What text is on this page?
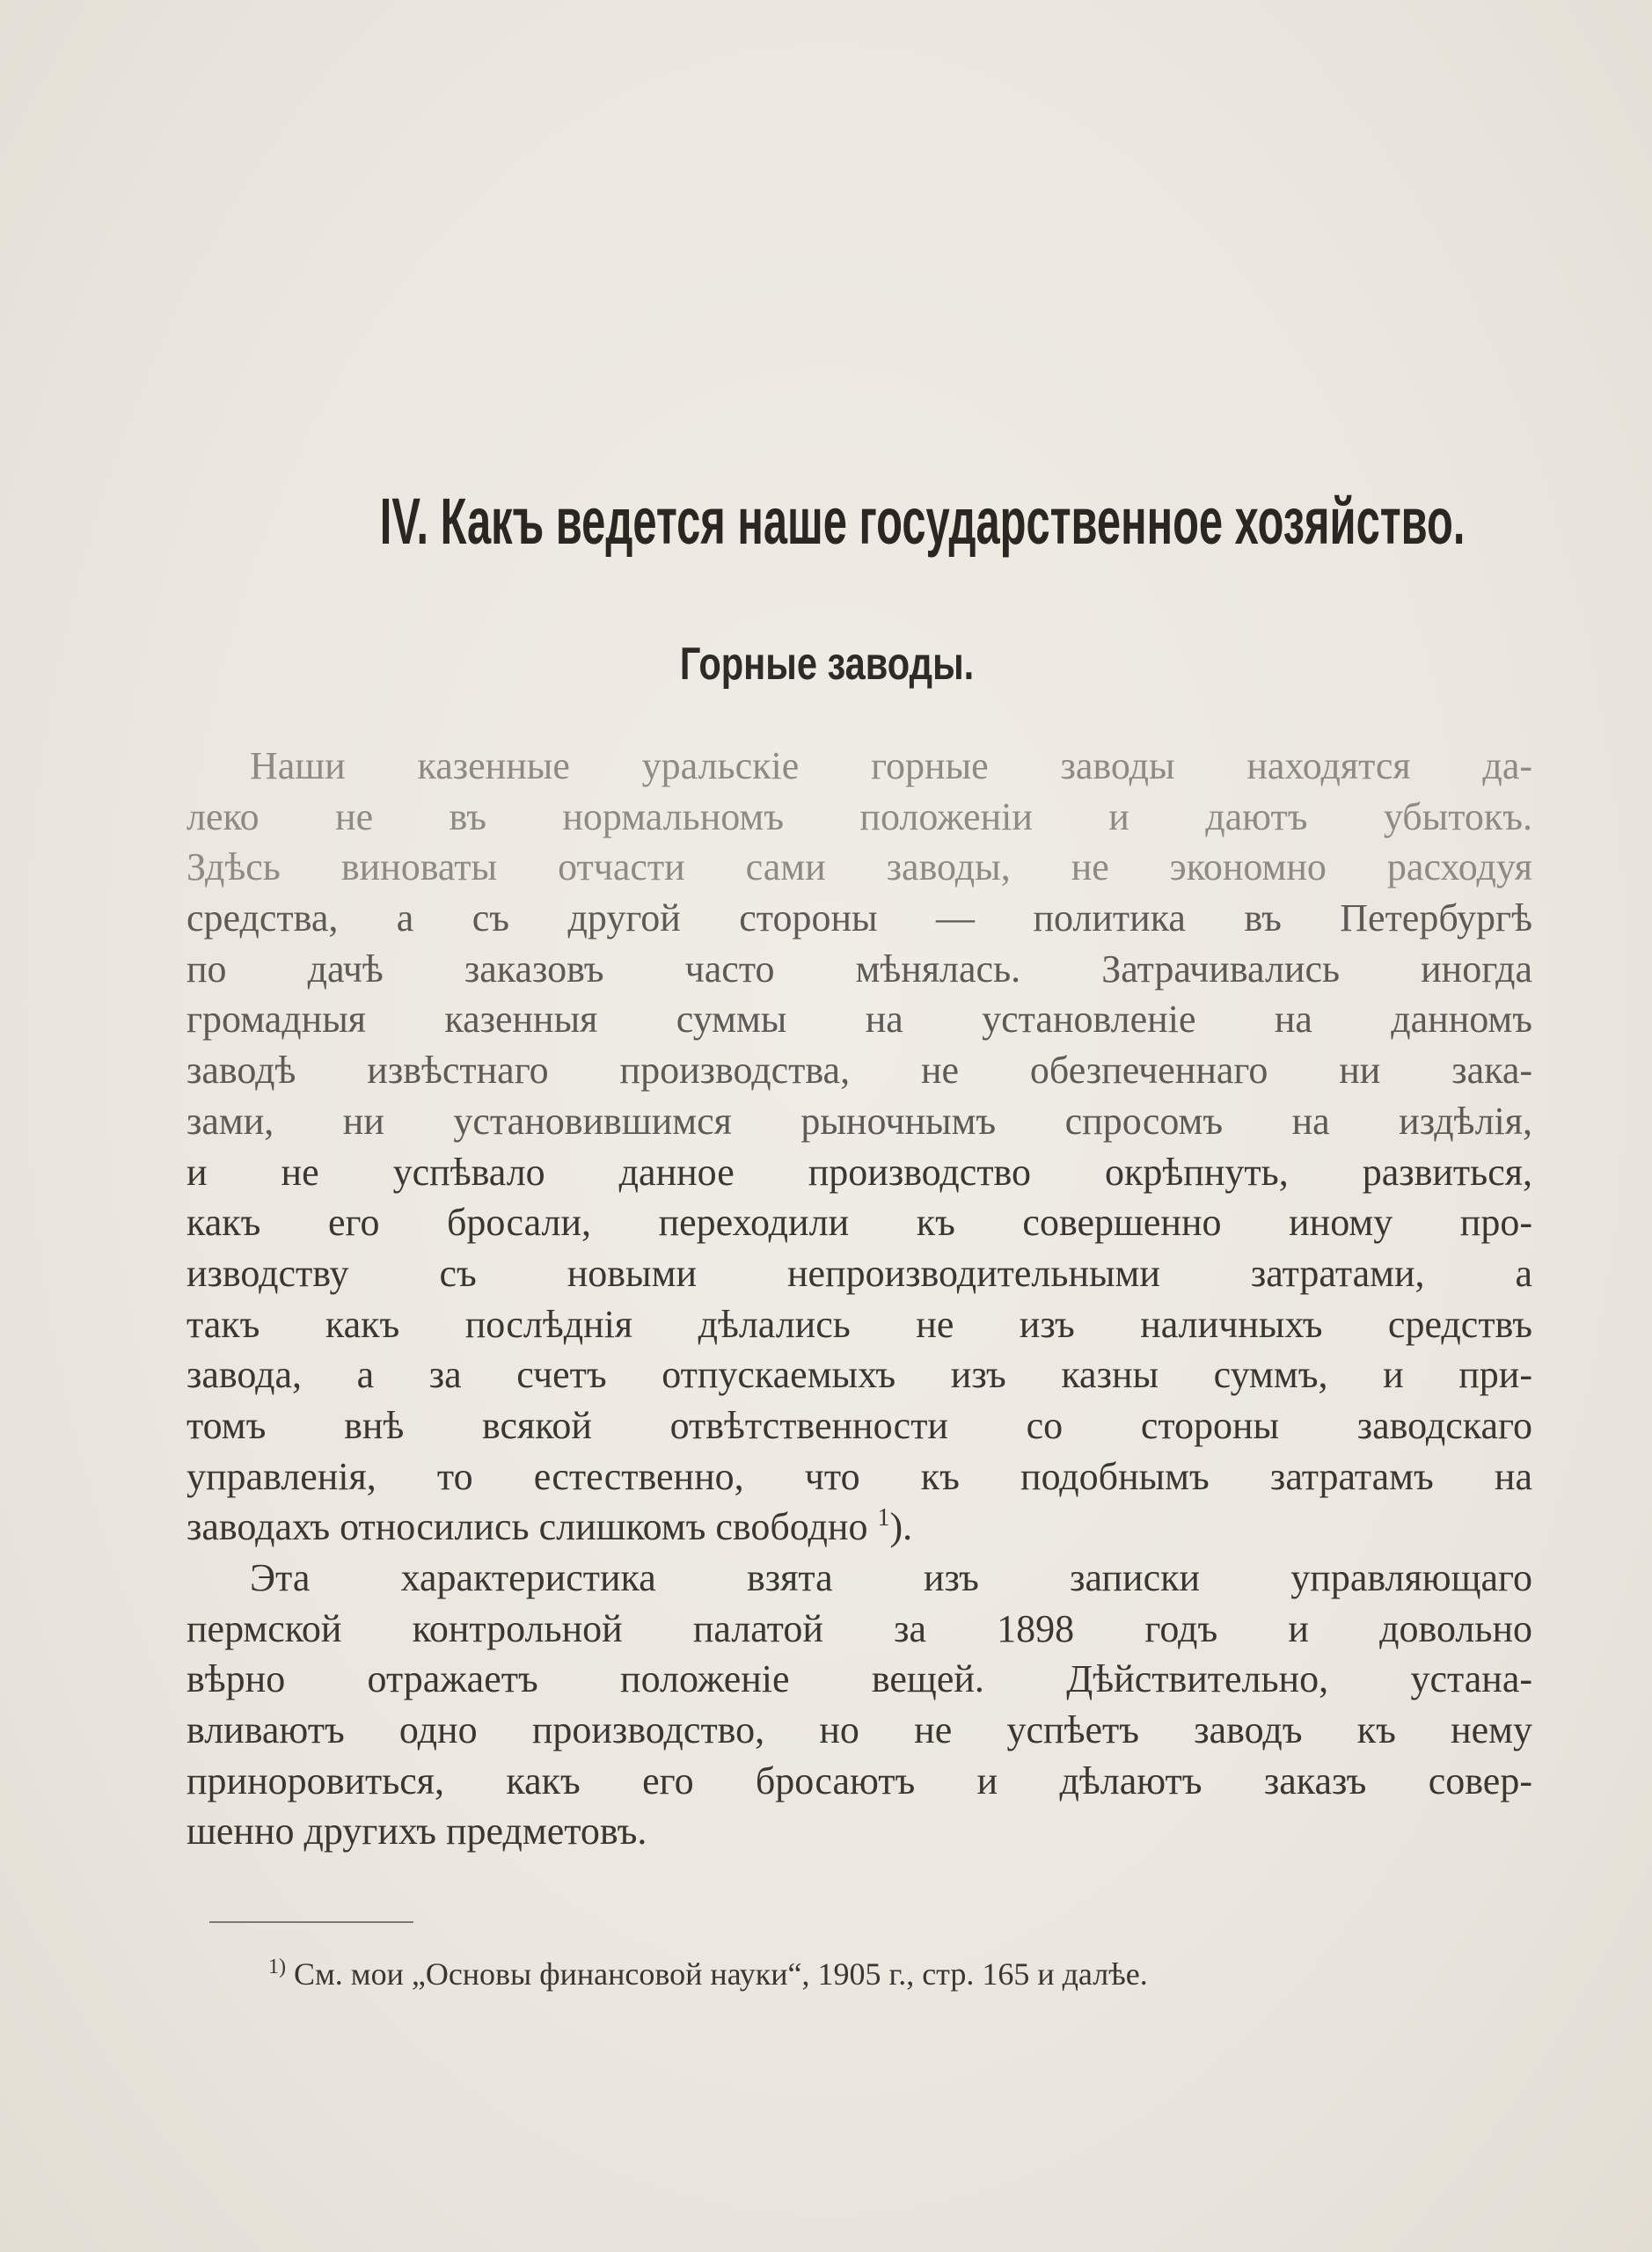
IV. Какъ ведется наше государственное хозяйство.
Горные заводы.
Наши казенные уральскіе горные заводы находятся да-
леко не въ нормальномъ положеніи и даютъ убытокъ.
Здѣсь виноваты отчасти сами заводы, не экономно расходуя
средства, а съ другой стороны — политика въ Петербургѣ
по дачѣ заказовъ часто мѣнялась. Затрачивались иногда
громадныя казенныя суммы на установленіе на данномъ
заводѣ извѣстнаго производства, не обезпеченнаго ни зака-
зами, ни установившимся рыночнымъ спросомъ на издѣлія,
и не успѣвало данное производство окрѣпнуть, развиться,
какъ его бросали, переходили къ совершенно иному про-
изводству съ новыми непроизводительными затратами, а
такъ какъ послѣднія дѣлались не изъ наличныхъ средствъ
завода, а за счетъ отпускаемыхъ изъ казны суммъ, и при-
томъ внѣ всякой отвѣтственности со стороны заводскаго
управленія, то естественно, что къ подобнымъ затратамъ на
заводахъ относились слишкомъ свободно $^1$).
Эта характеристика взята изъ записки управляющаго
пермской контрольной палатой за 1898 годъ и довольно
вѣрно отражаетъ положеніе вещей. Дѣйствительно, устана-
вливаютъ одно производство, но не успѣетъ заводъ къ нему
приноровиться, какъ его бросаютъ и дѣлаютъ заказъ совер-
шенно другихъ предметовъ.
$^{1)}$ См. мои „Основы финансовой науки“, 1905 г., стр. 165 и далѣе.
